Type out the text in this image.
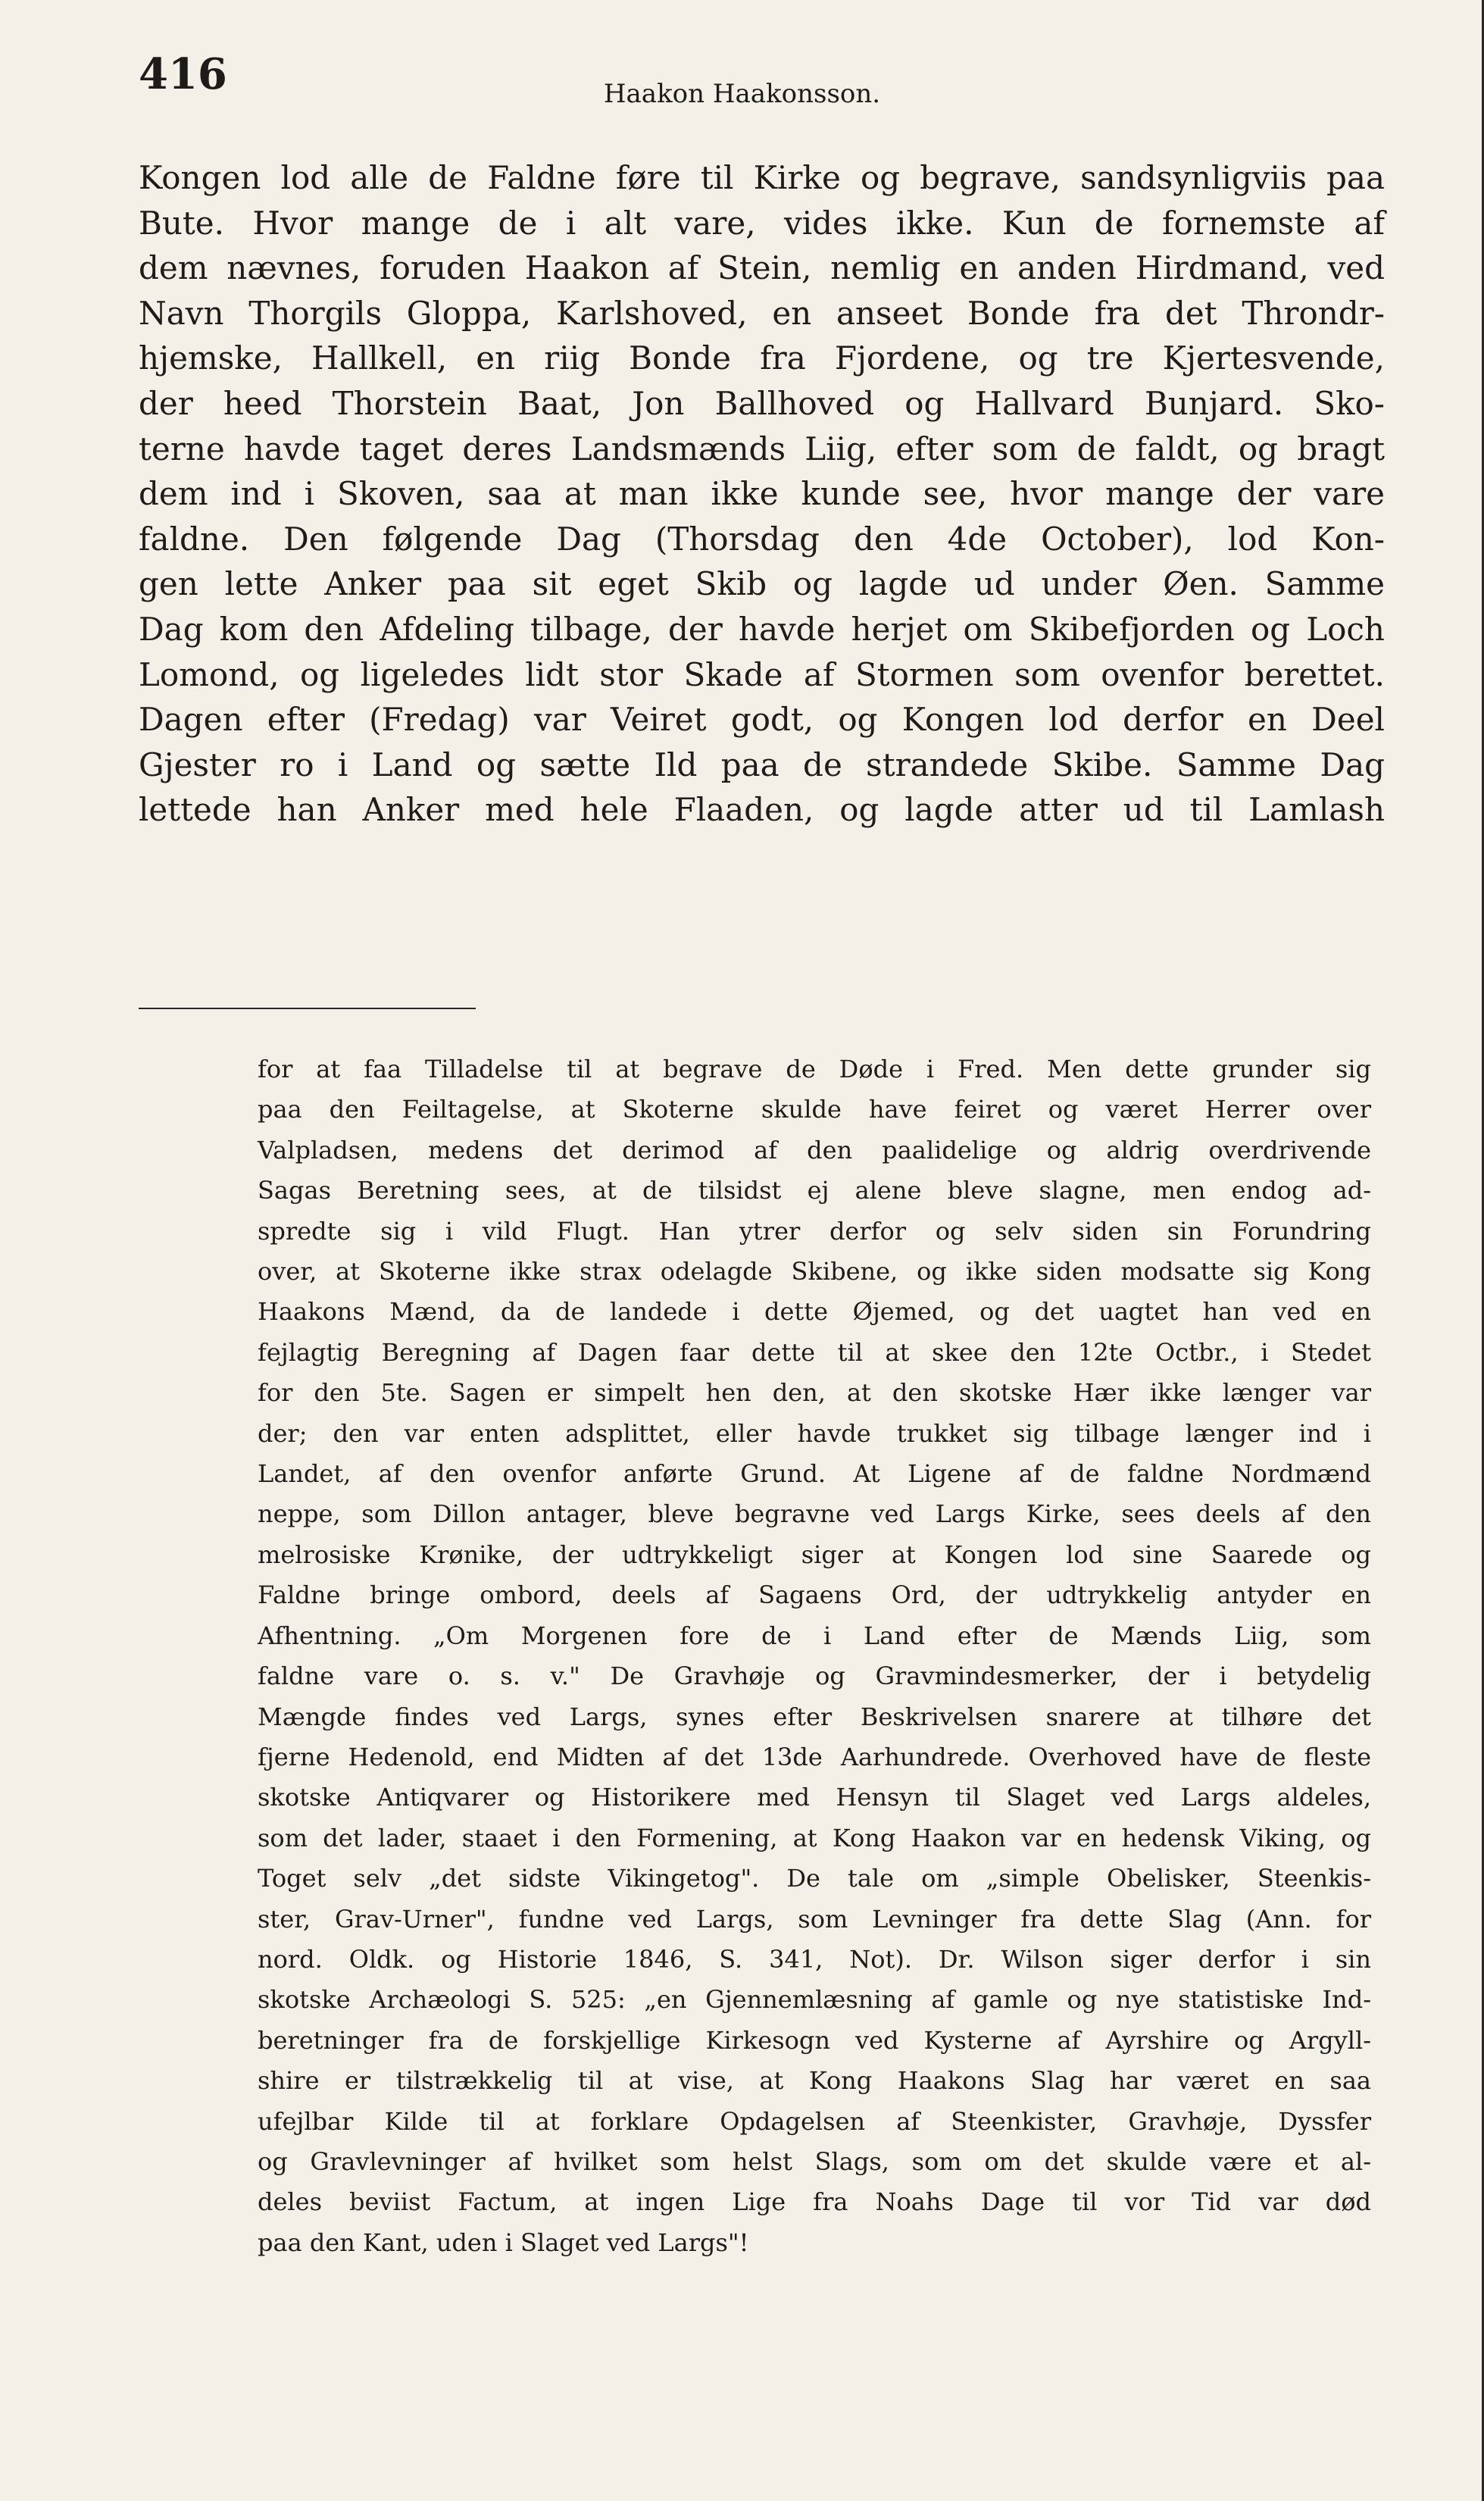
416	Haakon Haakonsson.
Kongen lod alle de Faldne føre til Kirke og begrave, sandsynligviis paa
Bute. Hvor mange de i alt vare, vides ikke. Kun de fornemste af
dem nævnes, foruden Haakon af Stein, nemlig en anden Hirdmand, ved
Navn Thorgils Gloppa, Karlshoved, en anseet Bonde fra det Throndr-
hjemske, Hallkell, en riig Bonde fra Fjordene, og tre Kjertesvende,
der heed Thorstein Baat, Jon Ballhoved og Hallvard Bunjard. Sko-
terne havde taget deres Landsmænds Liig, efter som de faldt, og bragt
dem ind i Skoven, saa at man ikke kunde see, hvor mange der vare
faldne. Den følgende Dag (Thorsdag den 4de October), lod Kon-
gen lette Anker paa sit eget Skib og lagde ud under Øen. Samme
Dag kom den Afdeling tilbage, der havde herjet om Skibefjorden og Loch
Lomond, og ligeledes lidt stor Skade af Stormen som ovenfor berettet.
Dagen efter (Fredag) var Veiret godt, og Kongen lod derfor en Deel
Gjester ro i Land og sætte Ild paa de strandede Skibe. Samme Dag
lettede han Anker med hele Flaaden, og lagde atter ud til Lamlash
for at faa Tilladelse til at begrave de Døde i Fred. Men dette grunder sig
paa den Feiltagelse, at Skoterne skulde have feiret og været Herrer over
Valpladsen, medens det derimod af den paalidelige og aldrig overdrivende
Sagas Beretning sees, at de tilsidst ej alene bleve slagne, men endog ad-
spredte sig i vild Flugt. Han ytrer derfor og selv siden sin Forundring
over, at Skoterne ikke strax odelagde Skibene, og ikke siden modsatte sig Kong
Haakons Mænd, da de landede i dette Øjemed, og det uagtet han ved en
fejlagtig Beregning af Dagen faar dette til at skee den 12te Octbr., i Stedet
for den 5te. Sagen er simpelt hen den, at den skotske Hær ikke længer var
der; den var enten adsplittet, eller havde trukket sig tilbage længer ind i
Landet, af den ovenfor anførte Grund. At Ligene af de faldne Nordmænd
neppe, som Dillon antager, bleve begravne ved Largs Kirke, sees deels af den
melrosiske Krønike, der udtrykkeligt siger at Kongen lod sine Saarede og
Faldne bringe ombord, deels af Sagaens Ord, der udtrykkelig antyder en
Afhentning. „Om Morgenen fore de i Land efter de Mænds Liig, som
faldne vare o. s. v." De Gravhøje og Gravmindesmerker, der i betydelig
Mængde findes ved Largs, synes efter Beskrivelsen snarere at tilhøre det
fjerne Hedenold, end Midten af det 13de Aarhundrede. Overhoved have de fleste
skotske Antiqvarer og Historikere med Hensyn til Slaget ved Largs aldeles,
som det lader, staaet i den Formening, at Kong Haakon var en hedensk Viking, og
Toget selv „det sidste Vikingetog". De tale om „simple Obelisker, Steenkis-
ster, Grav-Urner", fundne ved Largs, som Levninger fra dette Slag (Ann. for
nord. Oldk. og Historie 1846, S. 341, Not). Dr. Wilson siger derfor i sin
skotske Archæologi S. 525: „en Gjennemlæsning af gamle og nye statistiske Ind-
beretninger fra de forskjellige Kirkesogn ved Kysterne af Ayrshire og Argyll-
shire er tilstrækkelig til at vise, at Kong Haakons Slag har været en saa
ufejlbar Kilde til at forklare Opdagelsen af Steenkister, Gravhøje, Dyssfer
og Gravlevninger af hvilket som helst Slags, som om det skulde være et al-
deles beviist Factum, at ingen Lige fra Noahs Dage til vor Tid var død
paa den Kant, uden i Slaget ved Largs"!
